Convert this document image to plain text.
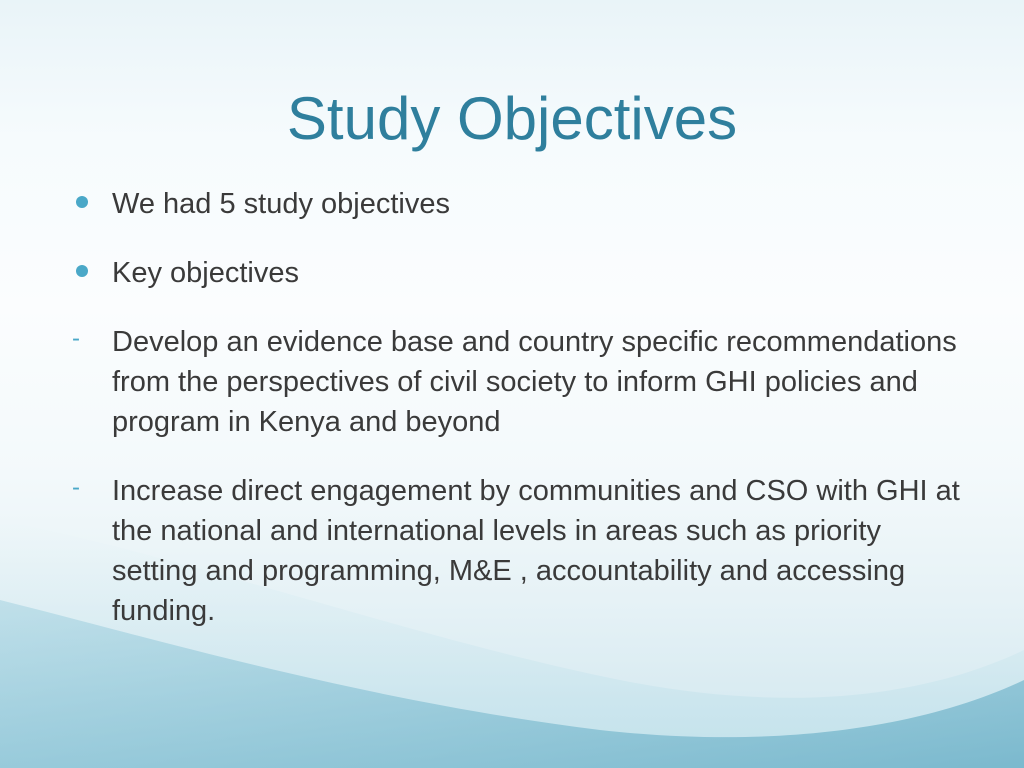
Study Objectives
We had 5 study objectives
Key objectives
-	Develop an evidence base and country specific recommendations from the perspectives of civil society to inform GHI policies and program in Kenya and beyond
-	Increase direct engagement by communities and CSO with GHI at the national and international levels in areas such as priority setting and programming, M&E , accountability and accessing funding.
